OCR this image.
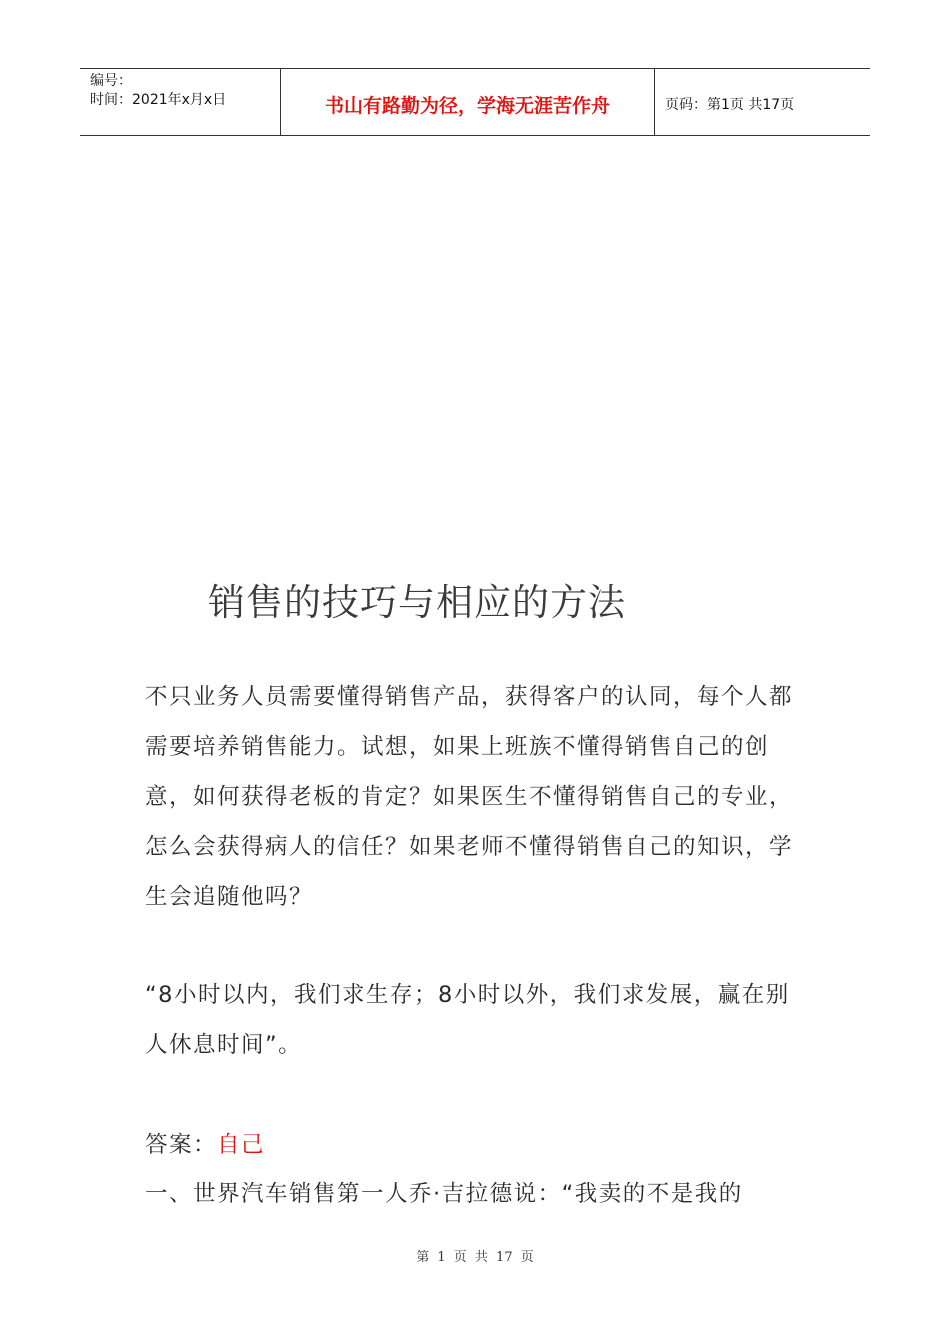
编号：
时间：2021年x月x日	书山有路勤为径，学海无涯苦作舟	页码：第1页 共17页
销售的技巧与相应的方法
不只业务人员需要懂得销售产品，获得客户的认同，每个人都需要培养销售能力。试想，如果上班族不懂得销售自己的创意，如何获得老板的肯定？如果医生不懂得销售自己的专业，怎么会获得病人的信任？如果老师不懂得销售自己的知识，学生会追随他吗？
“8小时以内，我们求生存；8小时以外，我们求发展，赢在别人休息时间”。
答案：自己
一、世界汽车销售第一人乔·吉拉德说：“我卖的不是我的
第 1 页 共 17 页
